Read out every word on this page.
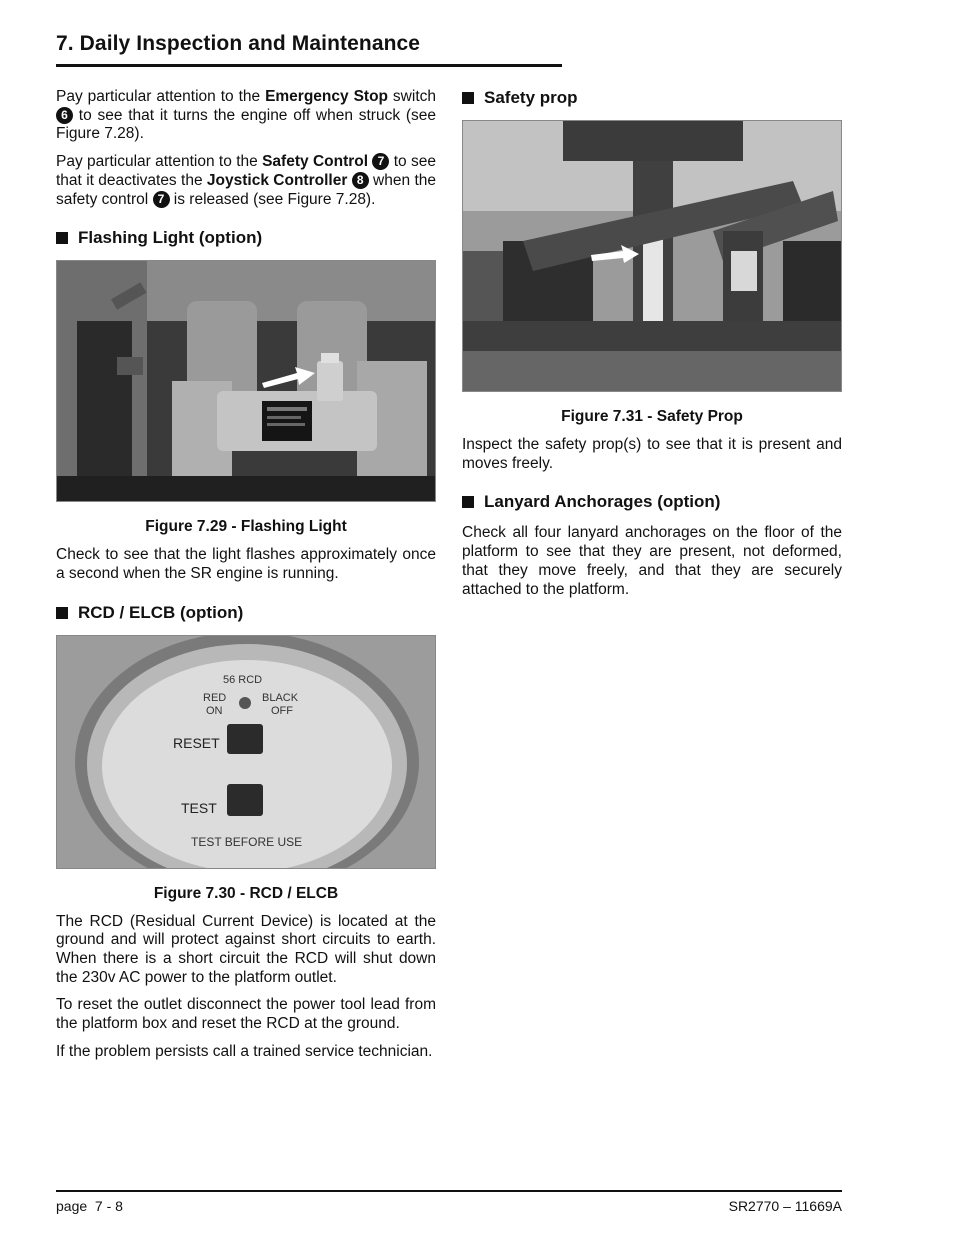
7. Daily Inspection and Maintenance

Pay particular attention to the Emergency Stop switch 6 to see that it turns the engine off when struck (see Figure 7.28).

Pay particular attention to the Safety Control 7 to see that it deactivates the Joystick Controller 8 when the safety control 7 is released (see Figure 7.28).

Flashing Light (option)
Figure 7.29 - Flashing Light

Check to see that the light flashes approximately once a second when the SR engine is running.

RCD / ELCB (option)
56 RCD
RED
ON
BLACK
OFF
RESET
TEST
TEST BEFORE USE
Figure 7.30 - RCD / ELCB

The RCD (Residual Current Device) is located at the ground and will protect against short circuits to earth. When there is a short circuit the RCD will shut down the 230v AC power to the platform outlet.

To reset the outlet disconnect the power tool lead from the platform box and reset the RCD at the ground.

If the problem persists call a trained service technician.

Safety prop
Figure 7.31 - Safety Prop

Inspect the safety prop(s) to see that it is present and moves freely.

Lanyard Anchorages (option)

Check all four lanyard anchorages on the floor of the platform to see that they are present, not deformed, that they move freely, and that they are securely attached to the platform.

page  7 - 8	SR2770 – 11669A
